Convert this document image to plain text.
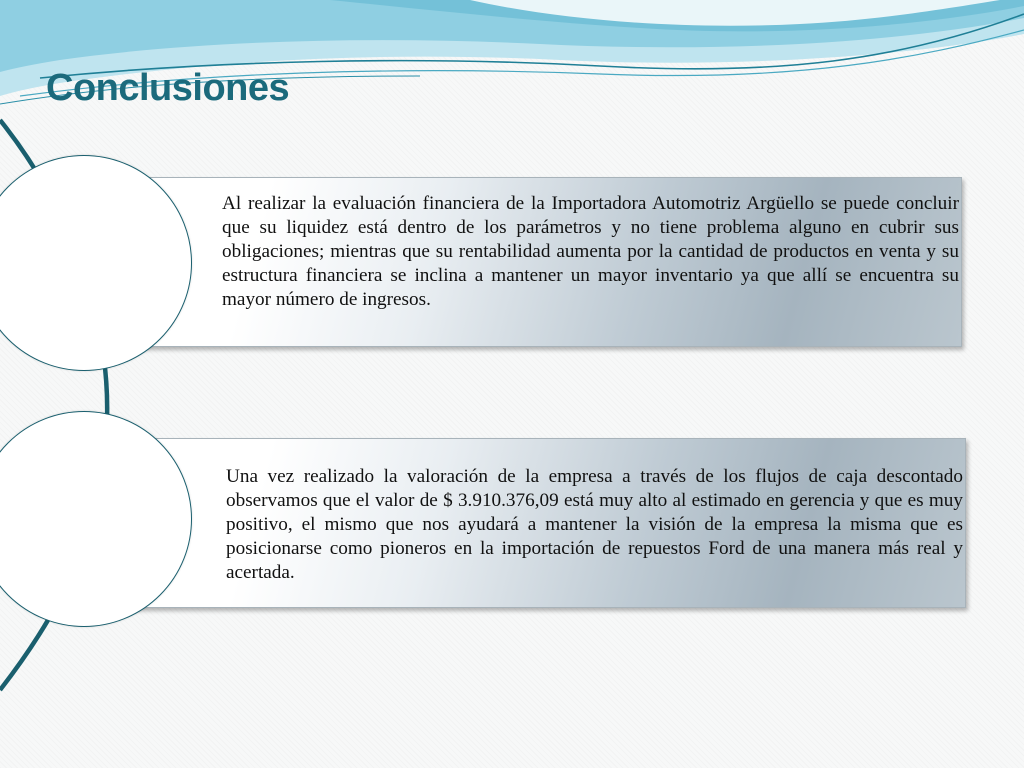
Conclusiones

Al realizar la evaluación financiera de la Importadora Automotriz Argüello se puede concluir que su liquidez está dentro de los parámetros y no tiene problema alguno en cubrir sus obligaciones; mientras que su rentabilidad aumenta por la cantidad de productos en venta y su estructura financiera se inclina a mantener un mayor inventario ya que allí se encuentra su mayor número de ingresos.

Una vez realizado la valoración de la empresa a través de los flujos de caja descontado observamos que el valor de $ 3.910.376,09 está muy alto al estimado en gerencia y que es muy positivo, el mismo que nos ayudará a mantener la visión de la empresa la misma que es posicionarse como pioneros en la importación de repuestos Ford de una manera más real y acertada.
